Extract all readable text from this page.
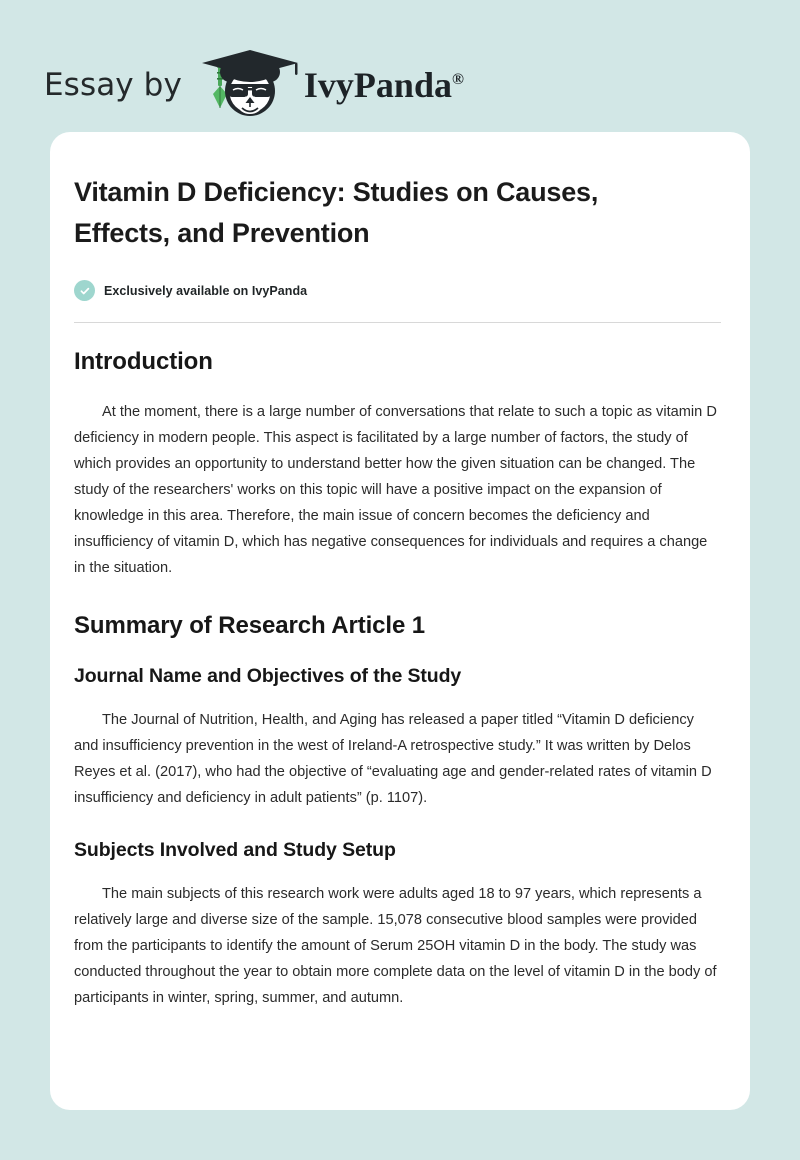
Essay by	IvyPanda®
Vitamin D Deficiency: Studies on Causes, Effects, and Prevention
Exclusively available on IvyPanda
Introduction

At the moment, there is a large number of conversations that relate to such a topic as vitamin D deficiency in modern people. This aspect is facilitated by a large number of factors, the study of which provides an opportunity to understand better how the given situation can be changed. The study of the researchers' works on this topic will have a positive impact on the expansion of knowledge in this area. Therefore, the main issue of concern becomes the deficiency and insufficiency of vitamin D, which has negative consequences for individuals and requires a change in the situation.

Summary of Research Article 1
Journal Name and Objectives of the Study

The Journal of Nutrition, Health, and Aging has released a paper titled “Vitamin D deficiency and insufficiency prevention in the west of Ireland-A retrospective study.” It was written by Delos Reyes et al. (2017), who had the objective of “evaluating age and gender-related rates of vitamin D insufficiency and deficiency in adult patients” (p. 1107).

Subjects Involved and Study Setup

The main subjects of this research work were adults aged 18 to 97 years, which represents a relatively large and diverse size of the sample. 15,078 consecutive blood samples were provided from the participants to identify the amount of Serum 25OH vitamin D in the body. The study was conducted throughout the year to obtain more complete data on the level of vitamin D in the body of participants in winter, spring, summer, and autumn.
